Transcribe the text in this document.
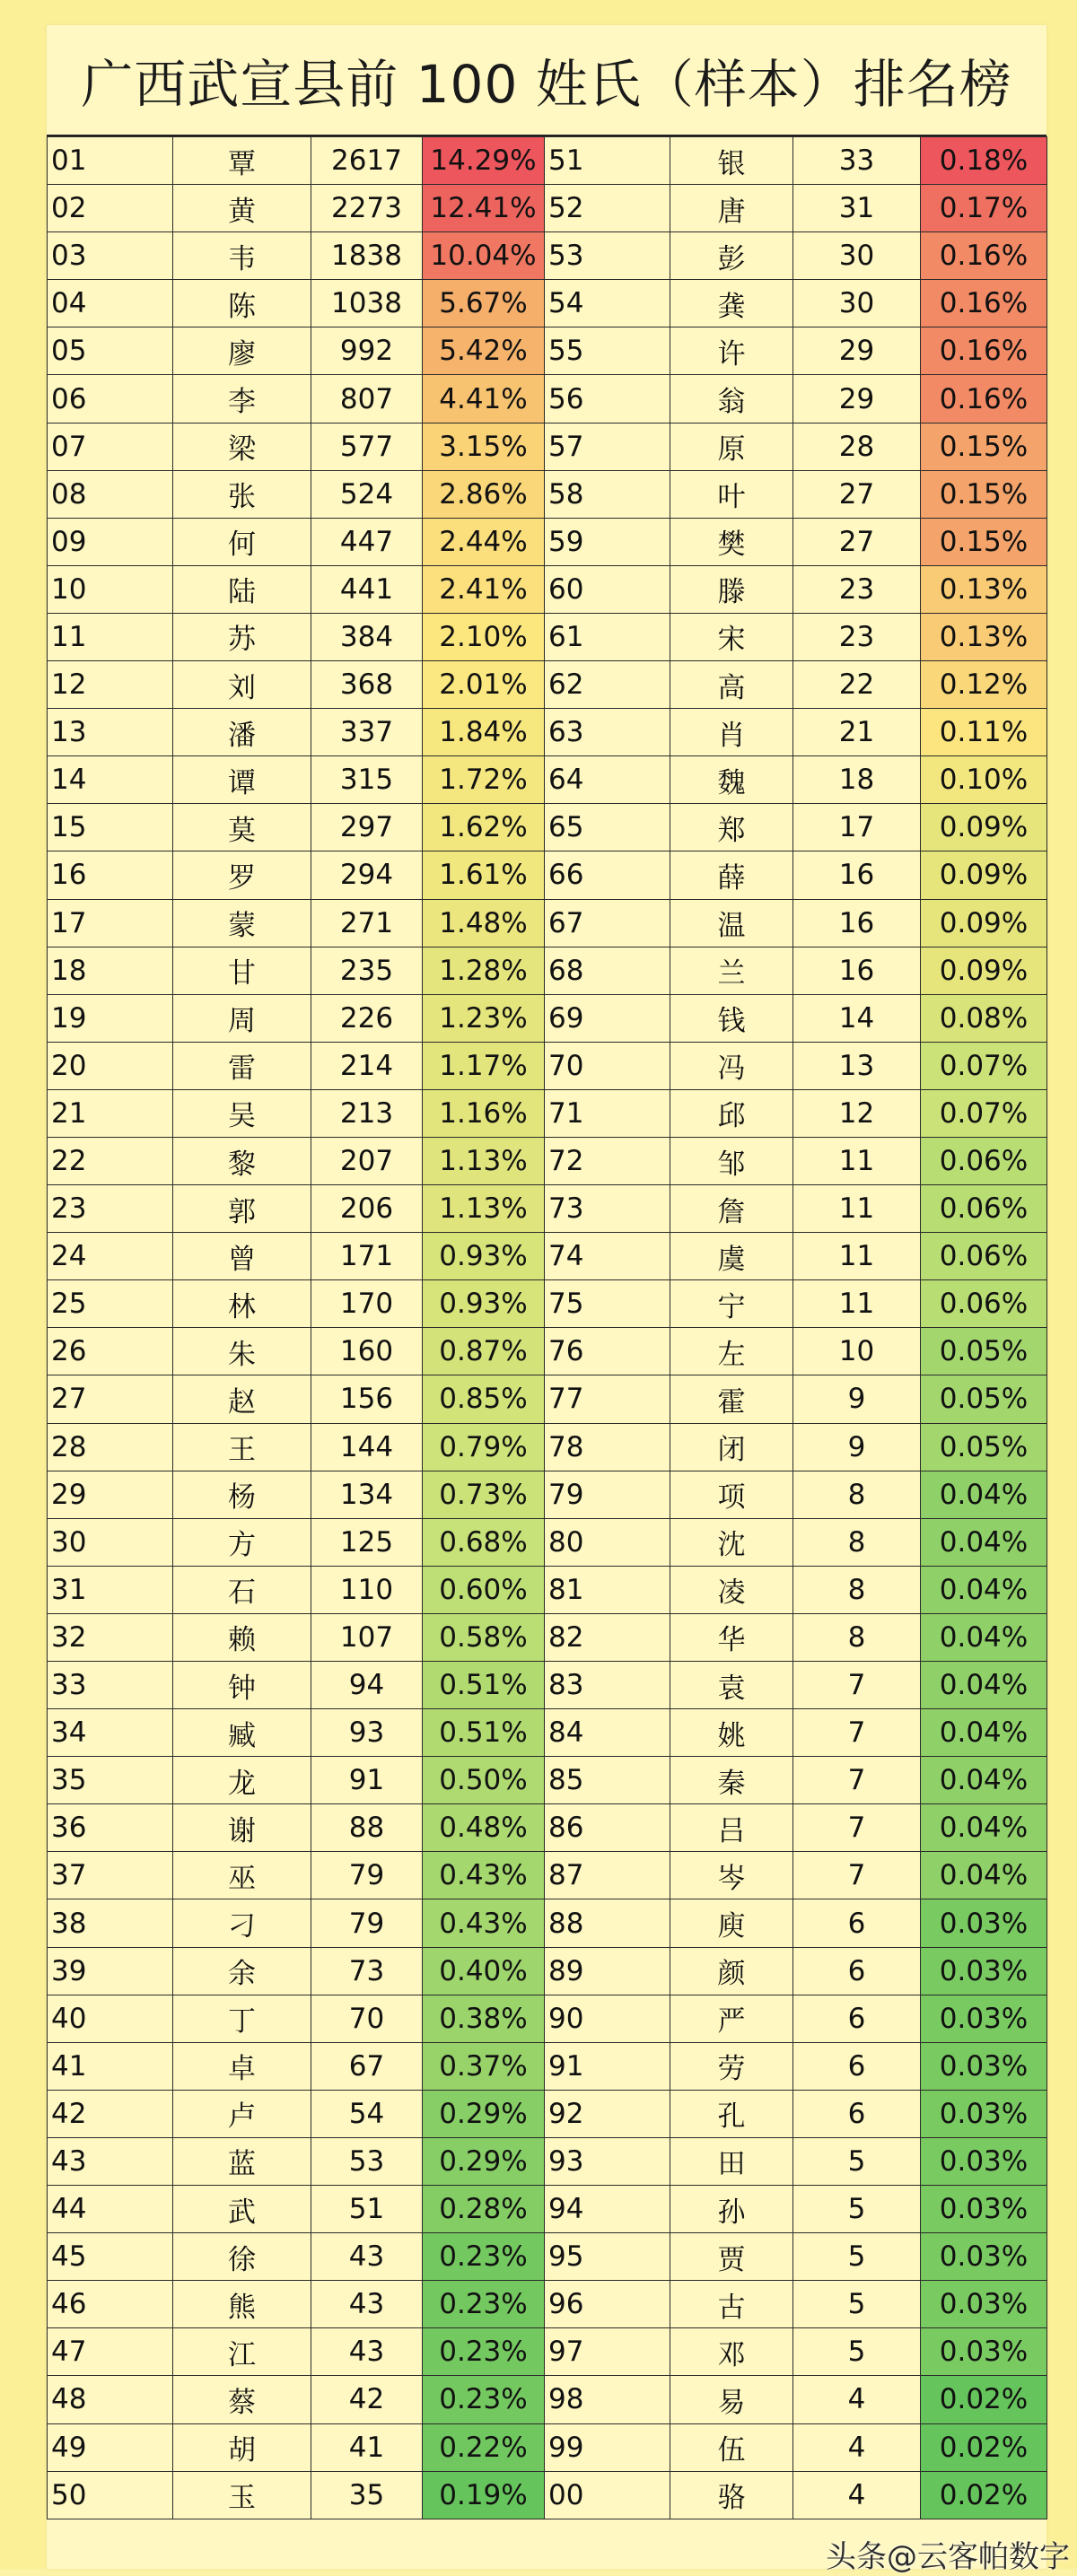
广西武宣县前 100 姓氏（样本）排名榜
01	覃	2617	14.29%	51	银	33	0.18%
02	黄	2273	12.41%	52	唐	31	0.17%
03	韦	1838	10.04%	53	彭	30	0.16%
04	陈	1038	5.67%	54	龚	30	0.16%
05	廖	992	5.42%	55	许	29	0.16%
06	李	807	4.41%	56	翁	29	0.16%
07	梁	577	3.15%	57	原	28	0.15%
08	张	524	2.86%	58	叶	27	0.15%
09	何	447	2.44%	59	樊	27	0.15%
10	陆	441	2.41%	60	滕	23	0.13%
11	苏	384	2.10%	61	宋	23	0.13%
12	刘	368	2.01%	62	高	22	0.12%
13	潘	337	1.84%	63	肖	21	0.11%
14	谭	315	1.72%	64	魏	18	0.10%
15	莫	297	1.62%	65	郑	17	0.09%
16	罗	294	1.61%	66	薛	16	0.09%
17	蒙	271	1.48%	67	温	16	0.09%
18	甘	235	1.28%	68	兰	16	0.09%
19	周	226	1.23%	69	钱	14	0.08%
20	雷	214	1.17%	70	冯	13	0.07%
21	吴	213	1.16%	71	邱	12	0.07%
22	黎	207	1.13%	72	邹	11	0.06%
23	郭	206	1.13%	73	詹	11	0.06%
24	曾	171	0.93%	74	虞	11	0.06%
25	林	170	0.93%	75	宁	11	0.06%
26	朱	160	0.87%	76	左	10	0.05%
27	赵	156	0.85%	77	霍	9	0.05%
28	王	144	0.79%	78	闭	9	0.05%
29	杨	134	0.73%	79	项	8	0.04%
30	方	125	0.68%	80	沈	8	0.04%
31	石	110	0.60%	81	凌	8	0.04%
32	赖	107	0.58%	82	华	8	0.04%
33	钟	94	0.51%	83	袁	7	0.04%
34	臧	93	0.51%	84	姚	7	0.04%
35	龙	91	0.50%	85	秦	7	0.04%
36	谢	88	0.48%	86	吕	7	0.04%
37	巫	79	0.43%	87	岑	7	0.04%
38	刁	79	0.43%	88	庾	6	0.03%
39	余	73	0.40%	89	颜	6	0.03%
40	丁	70	0.38%	90	严	6	0.03%
41	卓	67	0.37%	91	劳	6	0.03%
42	卢	54	0.29%	92	孔	6	0.03%
43	蓝	53	0.29%	93	田	5	0.03%
44	武	51	0.28%	94	孙	5	0.03%
45	徐	43	0.23%	95	贾	5	0.03%
46	熊	43	0.23%	96	古	5	0.03%
47	江	43	0.23%	97	邓	5	0.03%
48	蔡	42	0.23%	98	易	4	0.02%
49	胡	41	0.22%	99	伍	4	0.02%
50	玉	35	0.19%	00	骆	4	0.02%
头条@云客帕数字
